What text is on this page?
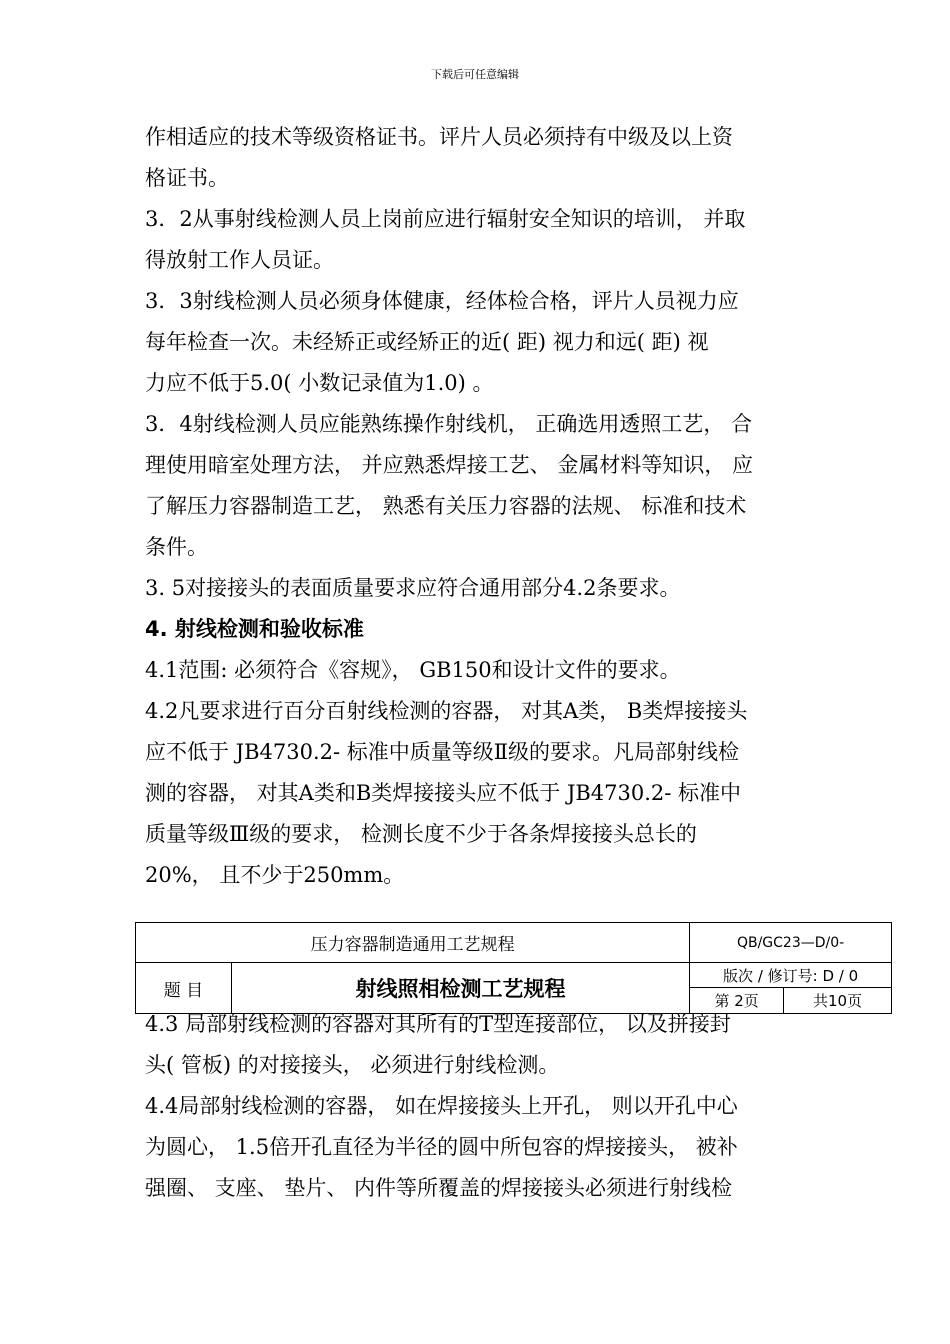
下载后可任意编辑
作相适应的技术等级资格证书。评片人员必须持有中级及以上资
格证书。
3．2从事射线检测人员上岗前应进行辐射安全知识的培训， 并取
得放射工作人员证。
3．3射线检测人员必须身体健康，经体检合格，评片人员视力应
每年检查一次。未经矫正或经矫正的近( 距) 视力和远( 距) 视
力应不低于5.0( 小数记录值为1.0) 。
3．4射线检测人员应能熟练操作射线机， 正确选用透照工艺， 合
理使用暗室处理方法， 并应熟悉焊接工艺、 金属材料等知识， 应
了解压力容器制造工艺， 熟悉有关压力容器的法规、 标准和技术
条件。
3. 5对接接头的表面质量要求应符合通用部分4.2条要求。
4. 射线检测和验收标准
4.1范围: 必须符合《容规》， GB150和设计文件的要求。
4.2凡要求进行百分百射线检测的容器， 对其A类， B类焊接接头
应不低于 JB4730.2- 标准中质量等级Ⅱ级的要求。凡局部射线检
测的容器， 对其A类和B类焊接接头应不低于 JB4730.2- 标准中
质量等级Ⅲ级的要求， 检测长度不少于各条焊接接头总长的
20%， 且不少于250mm。
压力容器制造通用工艺规程		QB/GC23—D/0-	
题 目	射线照相检测工艺规程	版次 / 修订号: D / 0	
		第 2页	共10页
4.3 局部射线检测的容器对其所有的T型连接部位， 以及拼接封
头( 管板) 的对接接头， 必须进行射线检测。
4.4局部射线检测的容器， 如在焊接接头上开孔， 则以开孔中心
为圆心， 1.5倍开孔直径为半径的圆中所包容的焊接接头， 被补
强圈、 支座、 垫片、 内件等所覆盖的焊接接头必须进行射线检
